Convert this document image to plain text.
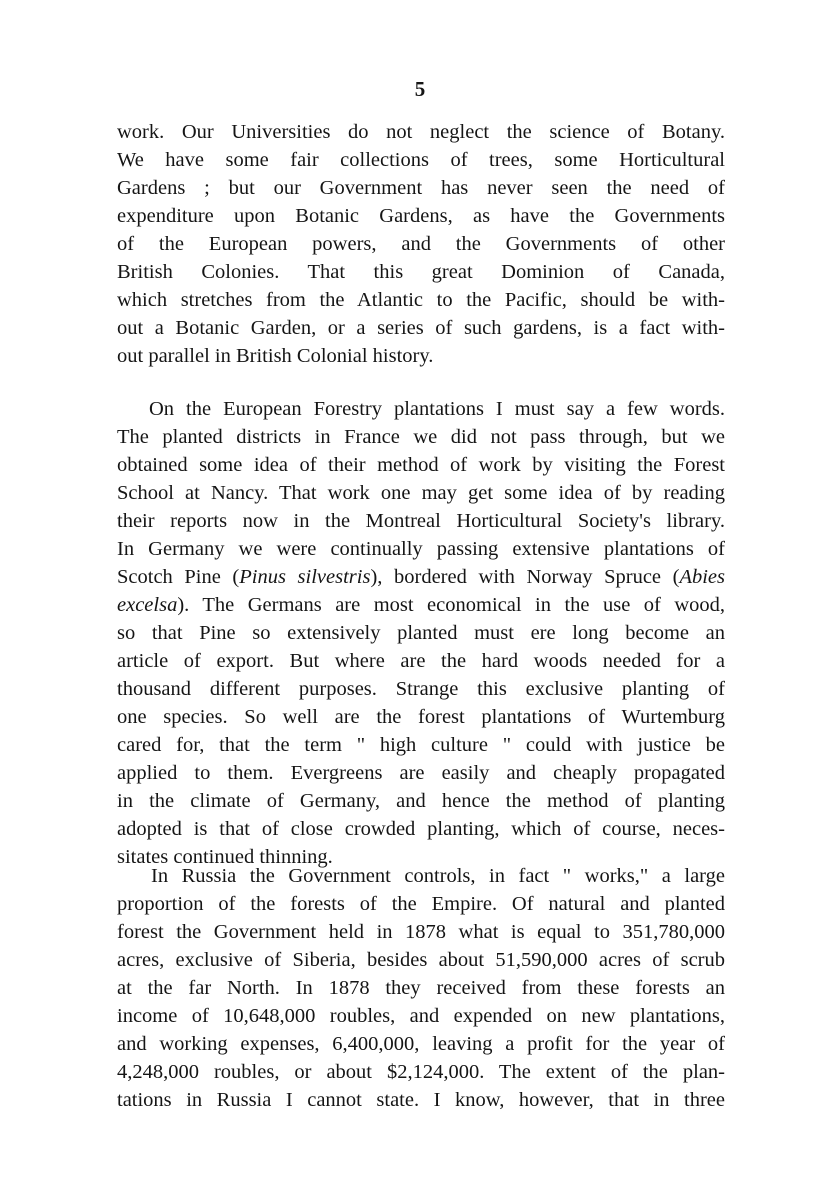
5
work. Our Universities do not neglect the science of Botany.
We have some fair collections of trees, some Horticultural
Gardens ; but our Government has never seen the need of
expenditure upon Botanic Gardens, as have the Governments
of the European powers, and the Governments of other
British Colonies. That this great Dominion of Canada,
which stretches from the Atlantic to the Pacific, should be with-
out a Botanic Garden, or a series of such gardens, is a fact with-
out parallel in British Colonial history.
On the European Forestry plantations I must say a few words.
The planted districts in France we did not pass through, but we
obtained some idea of their method of work by visiting the Forest
School at Nancy. That work one may get some idea of by reading
their reports now in the Montreal Horticultural Society's library.
In Germany we were continually passing extensive plantations of
Scotch Pine (Pinus silvestris), bordered with Norway Spruce (Abies
excelsa). The Germans are most economical in the use of wood,
so that Pine so extensively planted must ere long become an
article of export. But where are the hard woods needed for a
thousand different purposes. Strange this exclusive planting of
one species. So well are the forest plantations of Wurtemburg
cared for, that the term " high culture " could with justice be
applied to them. Evergreens are easily and cheaply propagated
in the climate of Germany, and hence the method of planting
adopted is that of close crowded planting, which of course, neces-
sitates continued thinning.
In Russia the Government controls, in fact " works," a large
proportion of the forests of the Empire. Of natural and planted
forest the Government held in 1878 what is equal to 351,780,000
acres, exclusive of Siberia, besides about 51,590,000 acres of scrub
at the far North. In 1878 they received from these forests an
income of 10,648,000 roubles, and expended on new plantations,
and working expenses, 6,400,000, leaving a profit for the year of
4,248,000 roubles, or about $2,124,000. The extent of the plan-
tations in Russia I cannot state. I know, however, that in three
